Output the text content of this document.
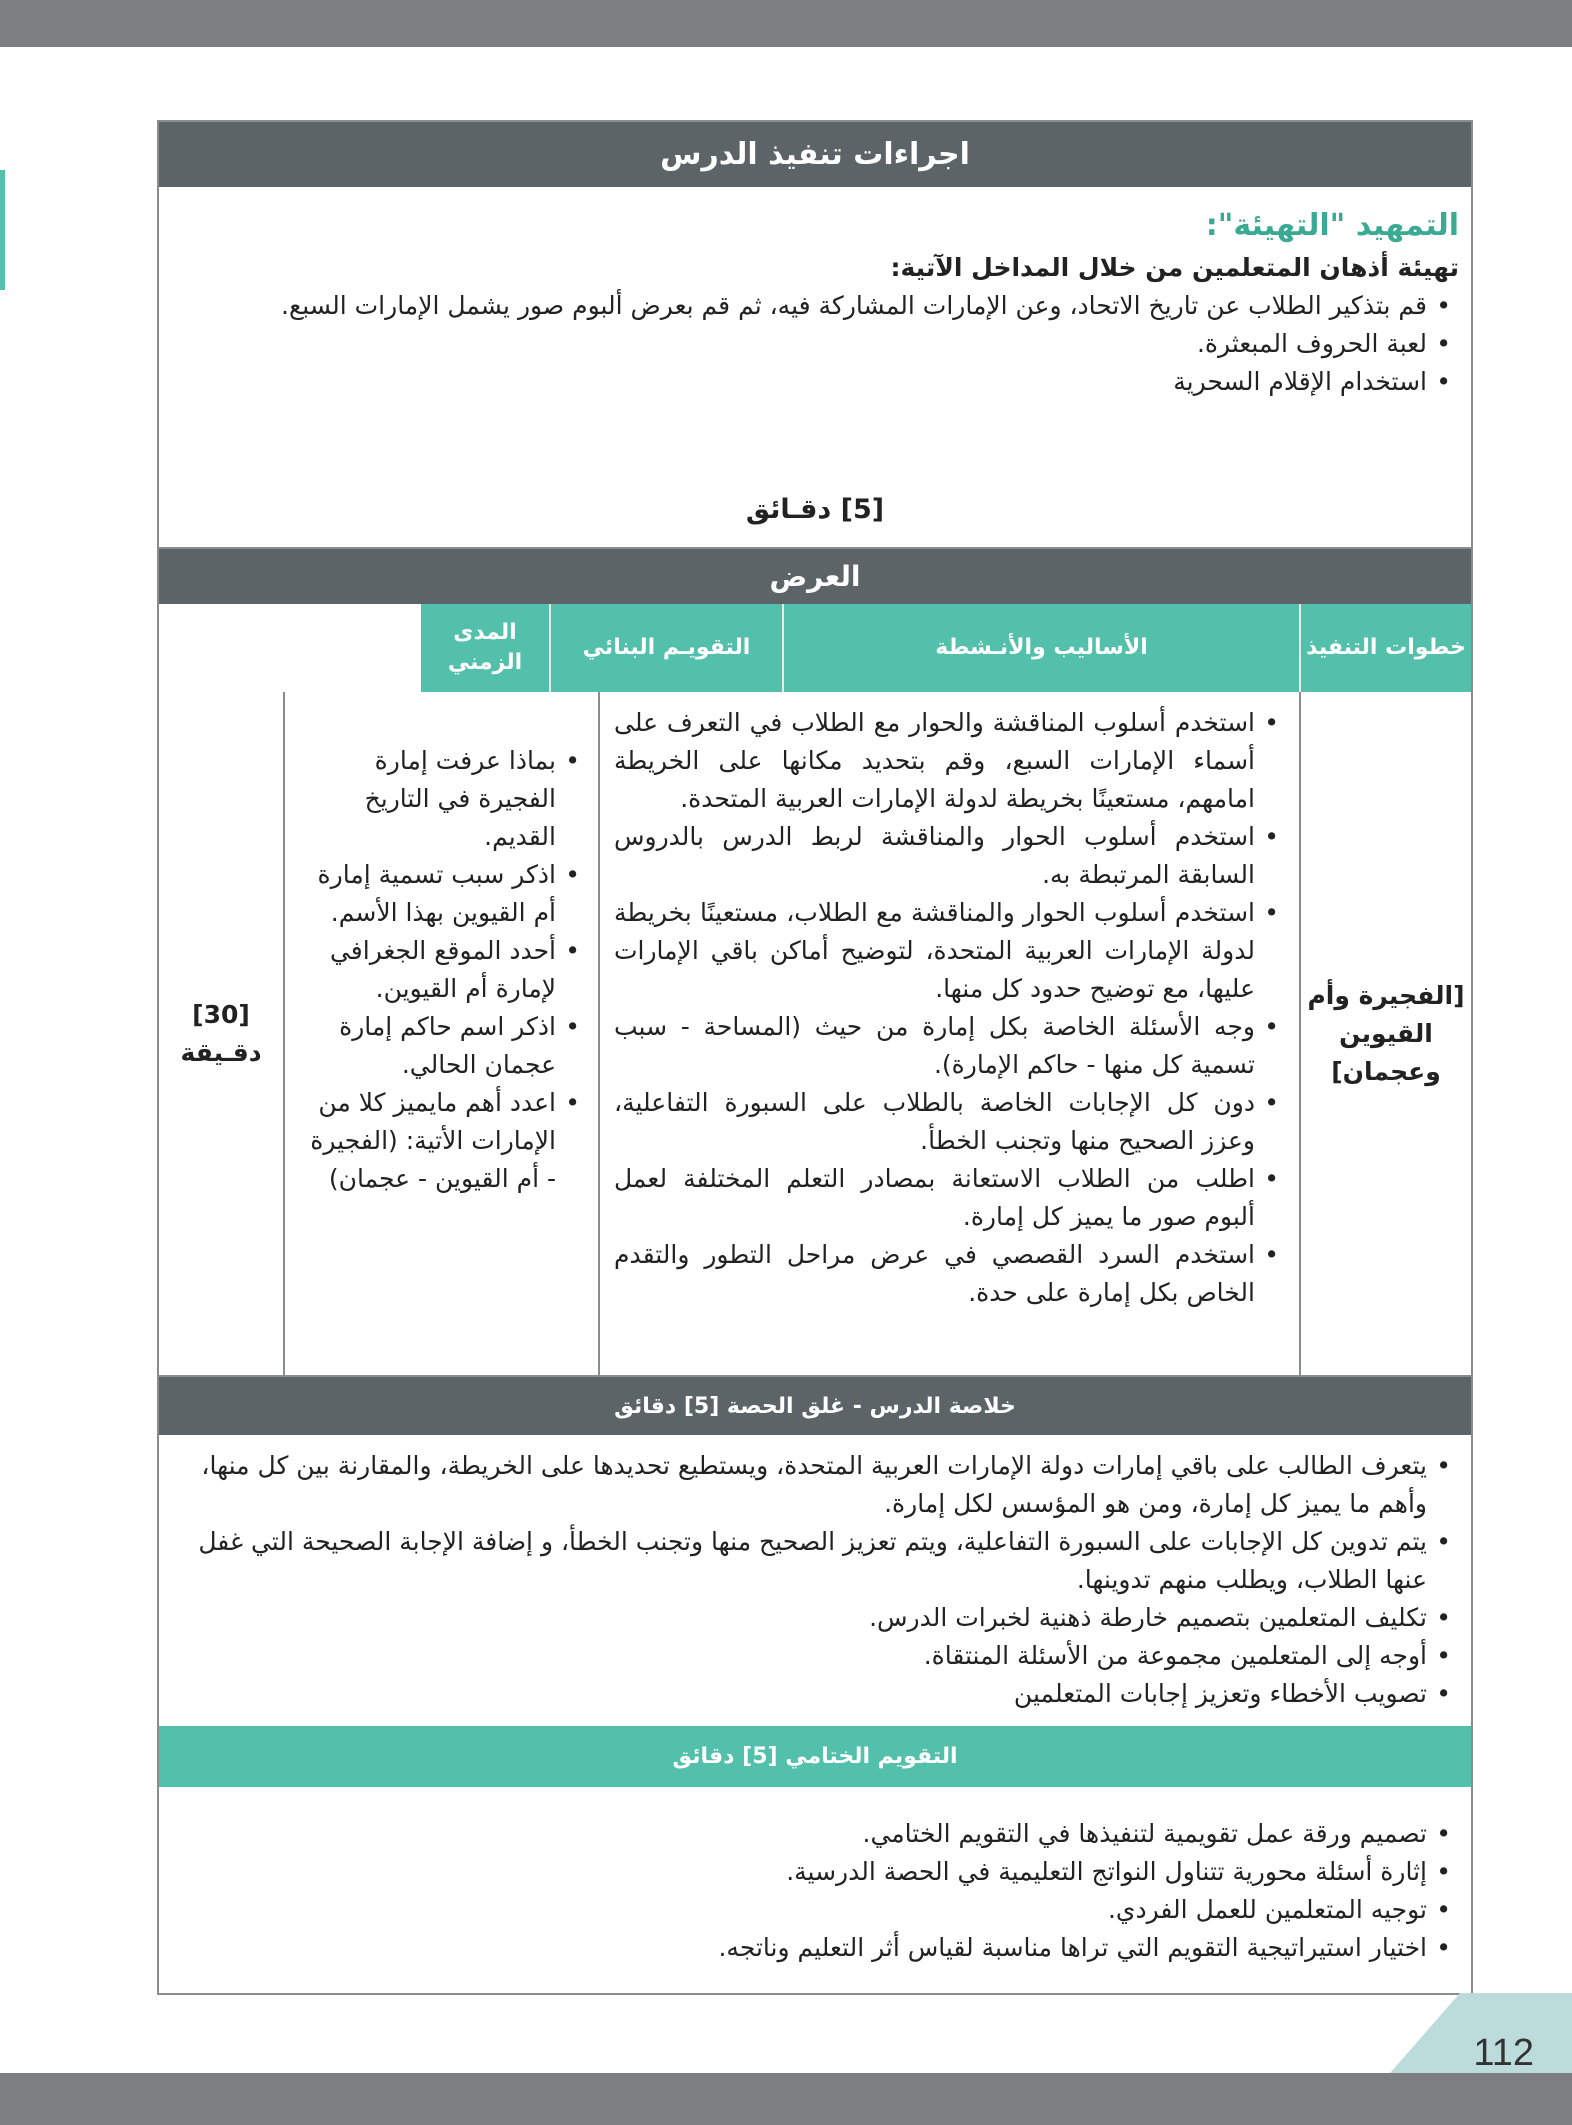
اجراءات تنفيذ الدرس
التمهيد "التهيئة":
تهيئة أذهان المتعلمين من خلال المداخل الآتية:
• قم بتذكير الطلاب عن تاريخ الاتحاد، وعن الإمارات المشاركة فيه، ثم قم بعرض ألبوم صور يشمل الإمارات السبع.
• لعبة الحروف المبعثرة.
• استخدام الإقلام السحرية
[5] دقـائق
العرض
خطوات التنفيذ
الأساليب والأنـشطة
التقويـم البنائي
المدى الزمني
[الفجيرة وأم القيوين وعجمان]
• استخدم أسلوب المناقشة والحوار مع الطلاب في التعرف على أسماء الإمارات السبع، وقم بتحديد مكانها على الخريطة امامهم، مستعينًا بخريطة لدولة الإمارات العربية المتحدة.
• استخدم أسلوب الحوار والمناقشة لربط الدرس بالدروس السابقة المرتبطة به.
• استخدم أسلوب الحوار والمناقشة مع الطلاب، مستعينًا بخريطة لدولة الإمارات العربية المتحدة، لتوضيح أماكن باقي الإمارات عليها، مع توضيح حدود كل منها.
• وجه الأسئلة الخاصة بكل إمارة من حيث (المساحة - سبب تسمية كل منها - حاكم الإمارة).
• دون كل الإجابات الخاصة بالطلاب على السبورة التفاعلية، وعزز الصحيح منها وتجنب الخطأ.
• اطلب من الطلاب الاستعانة بمصادر التعلم المختلفة لعمل ألبوم صور ما يميز كل إمارة.
• استخدم السرد القصصي في عرض مراحل التطور والتقدم الخاص بكل إمارة على حدة.
• بماذا عرفت إمارة الفجيرة في التاريخ القديم.
• اذكر سبب تسمية إمارة أم القيوين بهذا الأسم.
• أحدد الموقع الجغرافي لإمارة أم القيوين.
• اذكر اسم حاكم إمارة عجمان الحالي.
• اعدد أهم مايميز كلا من الإمارات الأتية: (الفجيرة - أم القيوين - عجمان)
[30] دقـيقة
خلاصة الدرس - غلق الحصة [5] دقائق
• يتعرف الطالب على باقي إمارات دولة الإمارات العربية المتحدة، ويستطيع تحديدها على الخريطة، والمقارنة بين كل منها، وأهم ما يميز كل إمارة، ومن هو المؤسس لكل إمارة.
• يتم تدوين كل الإجابات على السبورة التفاعلية، ويتم تعزيز الصحيح منها وتجنب الخطأ، و إضافة الإجابة الصحيحة التي غفل عنها الطلاب، ويطلب منهم تدوينها.
• تكليف المتعلمين بتصميم خارطة ذهنية لخبرات الدرس.
• أوجه إلى المتعلمين مجموعة من الأسئلة المنتقاة.
• تصويب الأخطاء وتعزيز إجابات المتعلمين
التقويم الختامي [5] دقائق
• تصميم ورقة عمل تقويمية لتنفيذها في التقويم الختامي.
• إثارة أسئلة محورية تتناول النواتج التعليمية في الحصة الدرسية.
• توجيه المتعلمين للعمل الفردي.
• اختيار استيراتيجية التقويم التي تراها مناسبة لقياس أثر التعليم وناتجه.
112
